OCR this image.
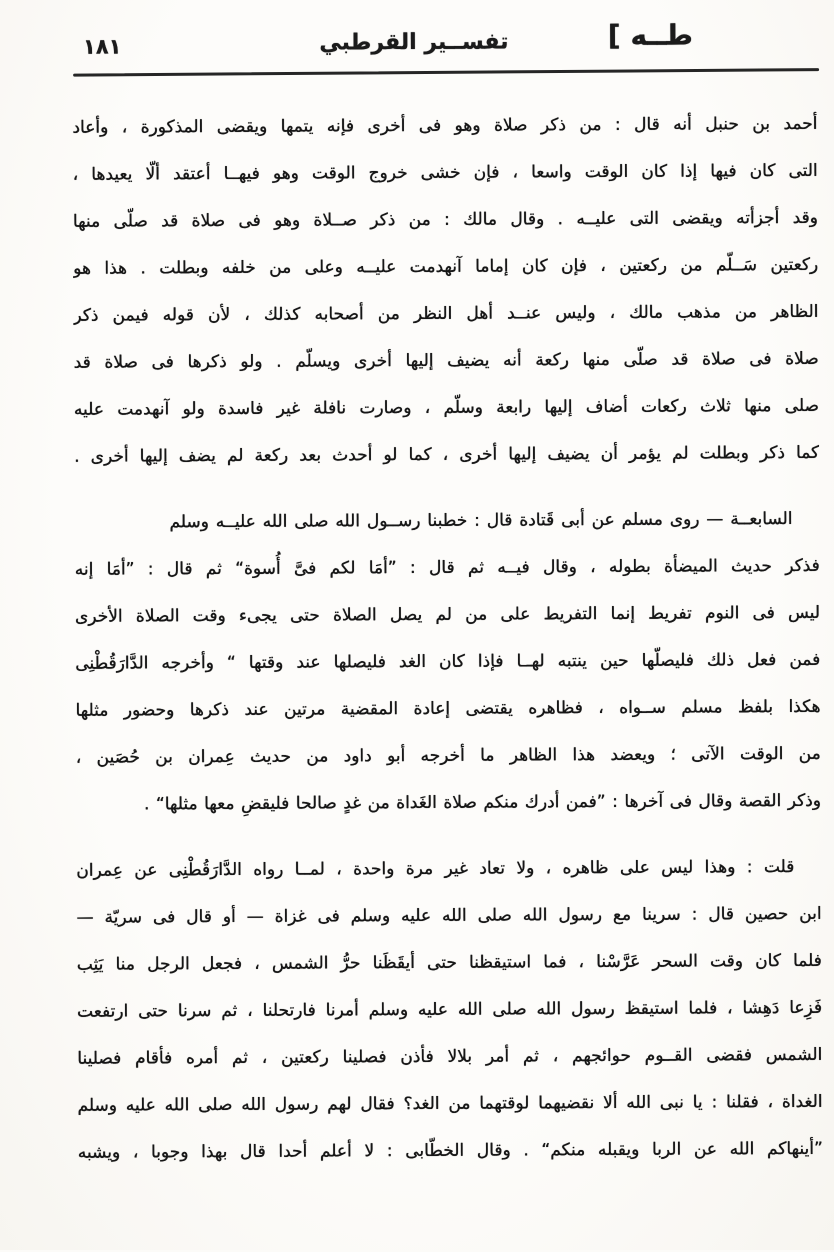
طــه ]
تفســير القرطبي
١٨١
أحمد بن حنبل أنه قال : من ذكر صلاة وهو فى أخرى فإنه يتمها ويقضى المذكورة ، وأعاد
التى كان فيها إذا كان الوقت واسعا ، فإن خشى خروج الوقت وهو فيهــا أعتقد ألّا يعيدها ،
وقد أجزأته ويقضى التى عليــه . وقال مالك : من ذكر صــلاة وهو فى صلاة قد صلّى منها
ركعتين سَــلّم من ركعتين ، فإن كان إماما آنهدمت عليــه وعلى من خلفه وبطلت . هذا هو
الظاهر من مذهب مالك ، وليس عنــد أهل النظر من أصحابه كذلك ، لأن قوله فيمن ذكر
صلاة فى صلاة قد صلّى منها ركعة أنه يضيف إليها أخرى ويسلّم . ولو ذكرها فى صلاة قد
صلى منها ثلاث ركعات أضاف إليها رابعة وسلّم ، وصارت نافلة غير فاسدة ولو آنهدمت عليه
كما ذكر وبطلت لم يؤمر أن يضيف إليها أخرى ، كما لو أحدث بعد ركعة لم يضف إليها أخرى .
السابعــة — روى مسلم عن أبى قَتادة قال : خطبنا رســول الله صلى الله عليــه وسلم
فذكر حديث الميضأة بطوله ، وقال فيــه ثم قال : ”أمَا لكم فىَّ أُسوة“ ثم قال : ”أمَا إنه
ليس فى النوم تفريط إنما التفريط على من لم يصل الصلاة حتى يجىء وقت الصلاة الأخرى
فمن فعل ذلك فليصلّها حين ينتبه لهــا فإذا كان الغد فليصلها عند وقتها “ وأخرجه الدَّارَقُطْنِى
هكذا بلفظ مسلم ســواه ، فظاهره يقتضى إعادة المقضية مرتين عند ذكرها وحضور مثلها
من الوقت الآتى ؛ ويعضد هذا الظاهر ما أخرجه أبو داود من حديث عِمران بن حُصَين ،
وذكر القصة وقال فى آخرها : ”فمن أدرك منكم صلاة الغَداة من غدٍ صالحا فليقضِ معها مثلها“ .
قلت : وهذا ليس على ظاهره ، ولا تعاد غير مرة واحدة ، لمــا رواه الدَّارَقُطْنِى عن عِمران
ابن حصين قال : سرينا مع رسول الله صلى الله عليه وسلم فى غزاة — أو قال فى سريّة —
فلما كان وقت السحر عَرَّسْنا ، فما استيقظنا حتى أيقَظَنا حرُّ الشمس ، فجعل الرجل منا يَثِب
فَزِعا دَهِشا ، فلما استيقظ رسول الله صلى الله عليه وسلم أمرنا فارتحلنا ، ثم سرنا حتى ارتفعت
الشمس فقضى القــوم حوائجهم ، ثم أمر بلالا فأذن فصلينا ركعتين ، ثم أمره فأقام فصلينا
الغداة ، فقلنا : يا نبى الله ألا نقضيهما لوقتهما من الغد؟ فقال لهم رسول الله صلى الله عليه وسلم
”أينهاكم الله عن الربا ويقبله منكم“ . وقال الخطّابى : لا أعلم أحدا قال بهذا وجوبا ، ويشبه
